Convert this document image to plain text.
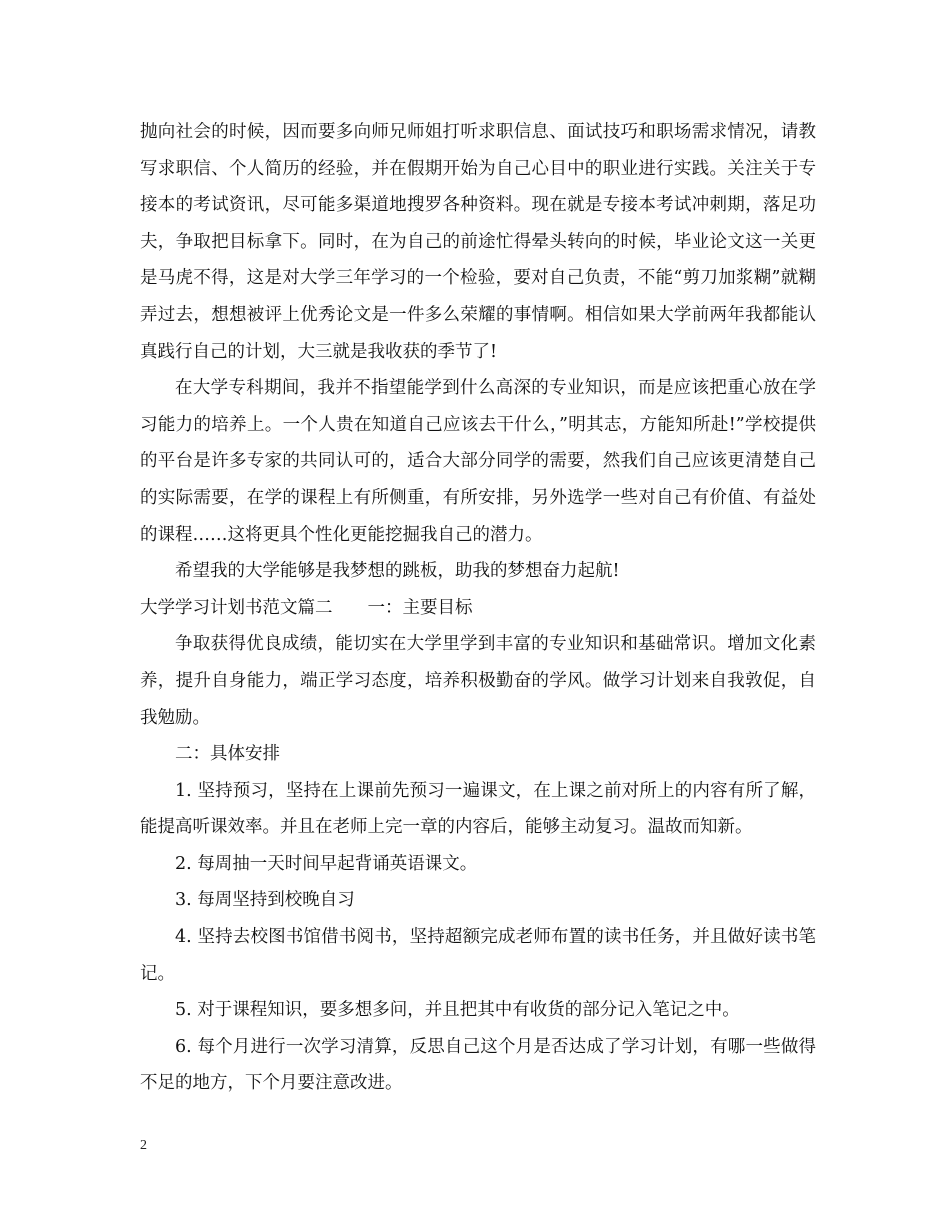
抛向社会的时候，因而要多向师兄师姐打听求职信息、面试技巧和职场需求情况，请教写求职信、个人简历的经验，并在假期开始为自己心目中的职业进行实践。关注关于专接本的考试资讯，尽可能多渠道地搜罗各种资料。现在就是专接本考试冲刺期，落足功夫，争取把目标拿下。同时，在为自己的前途忙得晕头转向的时候，毕业论文这一关更是马虎不得，这是对大学三年学习的一个检验，要对自己负责，不能“剪刀加浆糊”就糊弄过去，想想被评上优秀论文是一件多么荣耀的事情啊。相信如果大学前两年我都能认真践行自己的计划，大三就是我收获的季节了!

在大学专科期间，我并不指望能学到什么高深的专业知识，而是应该把重心放在学习能力的培养上。一个人贵在知道自己应该去干什么，”明其志，方能知所赴!”学校提供的平台是许多专家的共同认可的，适合大部分同学的需要，然我们自己应该更清楚自己的实际需要，在学的课程上有所侧重，有所安排，另外选学一些对自己有价值、有益处的课程……这将更具个性化更能挖掘我自己的潜力。

希望我的大学能够是我梦想的跳板，助我的梦想奋力起航!

大学学习计划书范文篇二　　一：主要目标

争取获得优良成绩，能切实在大学里学到丰富的专业知识和基础常识。增加文化素养，提升自身能力，端正学习态度，培养积极勤奋的学风。做学习计划来自我敦促，自我勉励。

二：具体安排

1. 坚持预习，坚持在上课前先预习一遍课文，在上课之前对所上的内容有所了解，能提高听课效率。并且在老师上完一章的内容后，能够主动复习。温故而知新。

2. 每周抽一天时间早起背诵英语课文。

3. 每周坚持到校晚自习

4. 坚持去校图书馆借书阅书，坚持超额完成老师布置的读书任务，并且做好读书笔记。

5. 对于课程知识，要多想多问，并且把其中有收货的部分记入笔记之中。

6. 每个月进行一次学习清算，反思自己这个月是否达成了学习计划，有哪一些做得不足的地方，下个月要注意改进。

2
